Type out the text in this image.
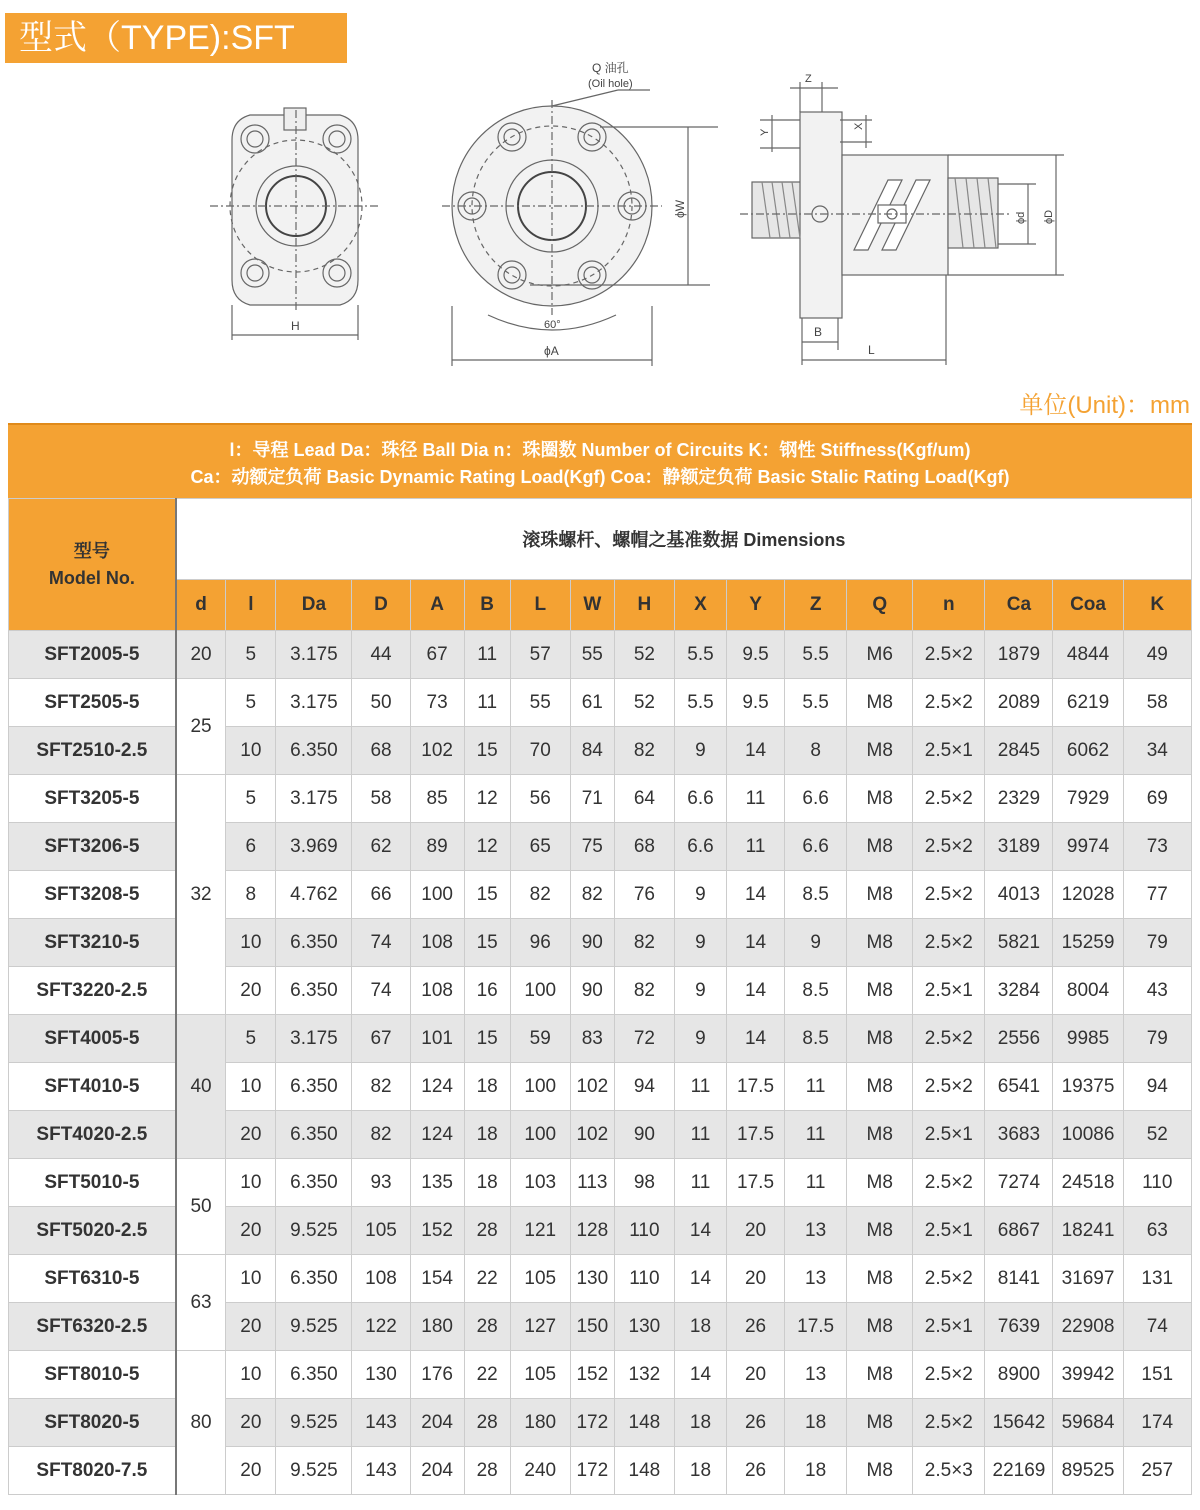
型式（TYPE):SFT
H
Q 油孔
(Oil hole)
ϕW
60°
ϕA
Z
X
Y
ϕd ϕD
B
L
单位(Unit)：mm
l：导程 Lead Da：珠径 Ball Dia n：珠圈数 Number of Circuits K：钢性 Stiffness(Kgf/um)
Ca：动额定负荷 Basic Dynamic Rating Load(Kgf) Coa：静额定负荷 Basic Stalic Rating Load(Kgf)
型号
Model No.	滚珠螺杆、螺帽之基准数据 Dimensions																
	d	l	Da	D	A	B	L	W	H	X	Y	Z	Q	n	Ca	Coa	K
SFT2005-5	20	5	3.175	44	67	11	57	55	52	5.5	9.5	5.5	M6	2.5×2	1879	4844	49
SFT2505-5	25	5	3.175	50	73	11	55	61	52	5.5	9.5	5.5	M8	2.5×2	2089	6219	58
SFT2510-2.5		10	6.350	68	102	15	70	84	82	9	14	8	M8	2.5×1	2845	6062	34
SFT3205-5	32	5	3.175	58	85	12	56	71	64	6.6	11	6.6	M8	2.5×2	2329	7929	69
SFT3206-5		6	3.969	62	89	12	65	75	68	6.6	11	6.6	M8	2.5×2	3189	9974	73
SFT3208-5		8	4.762	66	100	15	82	82	76	9	14	8.5	M8	2.5×2	4013	12028	77
SFT3210-5		10	6.350	74	108	15	96	90	82	9	14	9	M8	2.5×2	5821	15259	79
SFT3220-2.5		20	6.350	74	108	16	100	90	82	9	14	8.5	M8	2.5×1	3284	8004	43
SFT4005-5	40	5	3.175	67	101	15	59	83	72	9	14	8.5	M8	2.5×2	2556	9985	79
SFT4010-5		10	6.350	82	124	18	100	102	94	11	17.5	11	M8	2.5×2	6541	19375	94
SFT4020-2.5		20	6.350	82	124	18	100	102	90	11	17.5	11	M8	2.5×1	3683	10086	52
SFT5010-5	50	10	6.350	93	135	18	103	113	98	11	17.5	11	M8	2.5×2	7274	24518	110
SFT5020-2.5		20	9.525	105	152	28	121	128	110	14	20	13	M8	2.5×1	6867	18241	63
SFT6310-5	63	10	6.350	108	154	22	105	130	110	14	20	13	M8	2.5×2	8141	31697	131
SFT6320-2.5		20	9.525	122	180	28	127	150	130	18	26	17.5	M8	2.5×1	7639	22908	74
SFT8010-5	80	10	6.350	130	176	22	105	152	132	14	20	13	M8	2.5×2	8900	39942	151
SFT8020-5		20	9.525	143	204	28	180	172	148	18	26	18	M8	2.5×2	15642	59684	174
SFT8020-7.5		20	9.525	143	204	28	240	172	148	18	26	18	M8	2.5×3	22169	89525	257
